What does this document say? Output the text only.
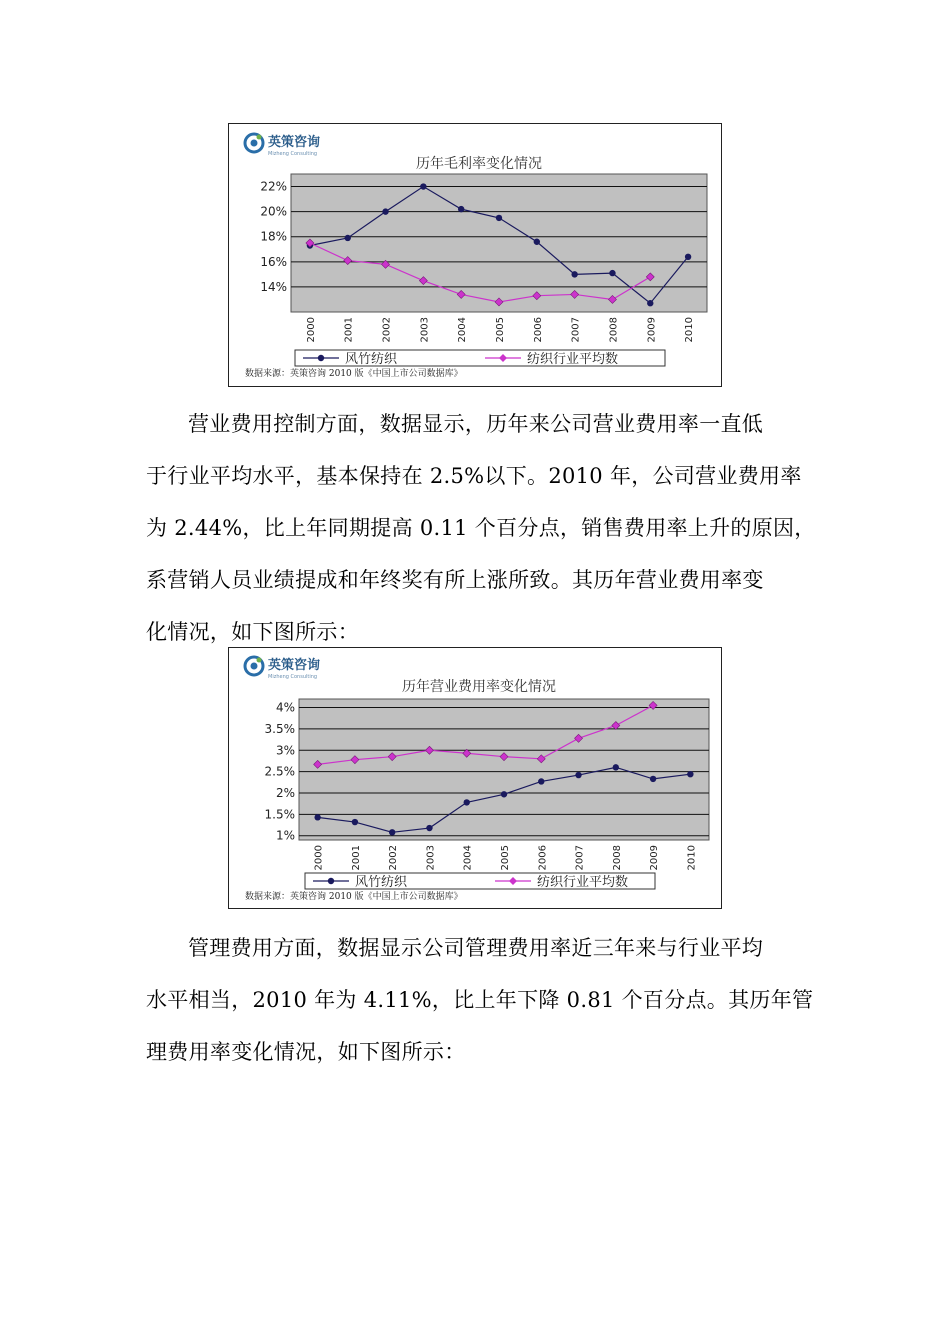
英策咨询
Mizheng Consulting
历年毛利率变化情况
14%
16%
18%
20%
22%
2000	2001	2002	2003	2004	2005	2006	2007	2008	2009	2010
风竹纺织	纺织行业平均数
数据来源：英策咨询 2010 版《中国上市公司数据库》

营业费用控制方面，数据显示，历年来公司营业费用率一直低
于行业平均水平，基本保持在 2.5%以下。2010 年，公司营业费用率
为 2.44%，比上年同期提高 0.11 个百分点，销售费用率上升的原因，
系营销人员业绩提成和年终奖有所上涨所致。其历年营业费用率变
化情况，如下图所示：

英策咨询
Mizheng Consulting
历年营业费用率变化情况
1%
1.5%
2%
2.5%
3%
3.5%
4%
2000	2001	2002	2003	2004	2005	2006	2007	2008	2009	2010
风竹纺织	纺织行业平均数
数据来源：英策咨询 2010 版《中国上市公司数据库》

管理费用方面，数据显示公司管理费用率近三年来与行业平均
水平相当，2010 年为 4.11%，比上年下降 0.81 个百分点。其历年管
理费用率变化情况，如下图所示：
